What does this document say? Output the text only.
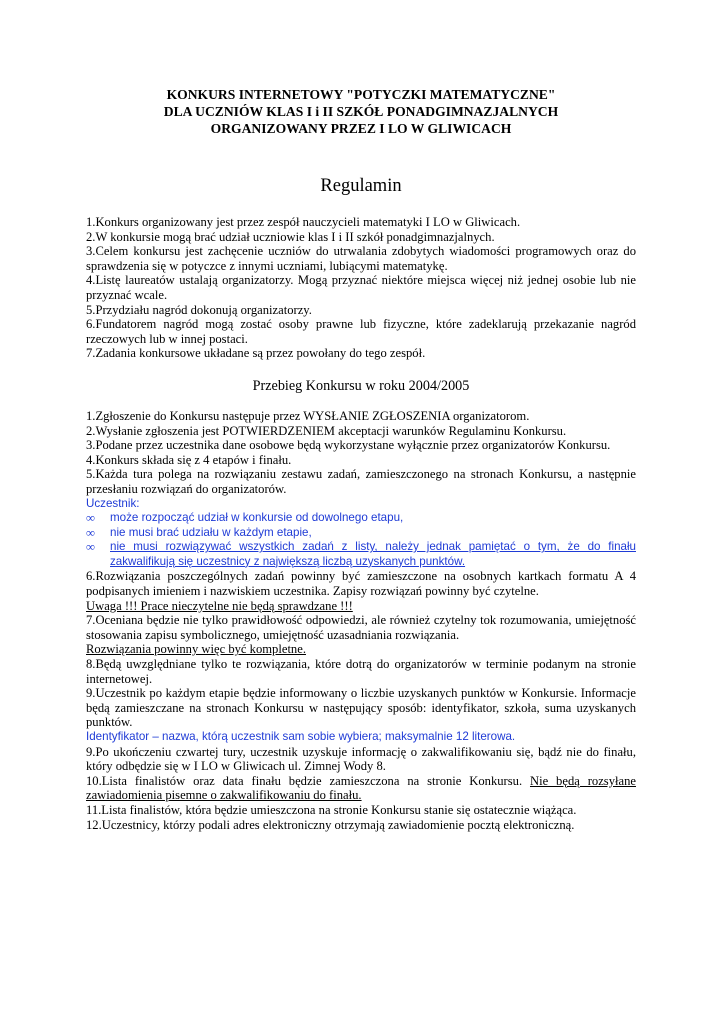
KONKURS INTERNETOWY "POTYCZKI MATEMATYCZNE"
DLA UCZNIÓW KLAS I i II SZKÓŁ PONADGIMNAZJALNYCH
ORGANIZOWANY PRZEZ I LO W GLIWICACH
Regulamin

1.Konkurs organizowany jest przez zespół nauczycieli matematyki I LO w Gliwicach.

2.W konkursie mogą brać udział uczniowie klas I i II szkół ponadgimnazjalnych.

3.Celem konkursu jest zachęcenie uczniów do utrwalania zdobytych wiadomości programowych oraz do sprawdzenia się w potyczce z innymi uczniami, lubiącymi matematykę.

4.Listę laureatów ustalają organizatorzy. Mogą przyznać niektóre miejsca więcej niż jednej osobie lub nie przyznać wcale.

5.Przydziału nagród dokonują organizatorzy.

6.Fundatorem nagród mogą zostać osoby prawne lub fizyczne, które zadeklarują przekazanie nagród rzeczowych lub w innej postaci.

7.Zadania konkursowe układane są przez powołany do tego zespół.

Przebieg Konkursu w roku 2004/2005

1.Zgłoszenie do Konkursu następuje przez WYSŁANIE ZGŁOSZENIA organizatorom.

2.Wysłanie zgłoszenia jest POTWIERDZENIEM akceptacji warunków Regulaminu Konkursu.

3.Podane przez uczestnika dane osobowe będą wykorzystane wyłącznie przez organizatorów Konkursu.

4.Konkurs składa się z 4 etapów i finału.

5.Każda tura polega na rozwiązaniu zestawu zadań, zamieszczonego na stronach Konkursu, a następnie przesłaniu rozwiązań do organizatorów.

Uczestnik:

∞	może rozpocząć udział w konkursie od dowolnego etapu,
∞	nie musi brać udziału w każdym etapie,
∞	nie musi rozwiązywać wszystkich zadań z listy, należy jednak pamiętać o tym, że do finału zakwalifikują się uczestnicy z największą liczbą uzyskanych punktów.

6.Rozwiązania poszczególnych zadań powinny być zamieszczone na osobnych kartkach formatu A 4 podpisanych imieniem i nazwiskiem uczestnika. Zapisy rozwiązań powinny być czytelne.

Uwaga !!! Prace nieczytelne nie będą sprawdzane !!!

7.Oceniana będzie nie tylko prawidłowość odpowiedzi, ale również czytelny tok rozumowania, umiejętność stosowania zapisu symbolicznego, umiejętność uzasadniania rozwiązania.

Rozwiązania powinny więc być kompletne.

8.Będą uwzględniane tylko te rozwiązania, które dotrą do organizatorów w terminie podanym na stronie internetowej.

9.Uczestnik po każdym etapie będzie informowany o liczbie uzyskanych punktów w Konkursie. Informacje będą zamieszczane na stronach Konkursu w następujący sposób: identyfikator, szkoła, suma uzyskanych punktów.

Identyfikator – nazwa, którą uczestnik sam sobie wybiera; maksymalnie 12 literowa.

9.Po ukończeniu czwartej tury, uczestnik uzyskuje informację o zakwalifikowaniu się, bądź nie do finału, który odbędzie się w I LO w Gliwicach ul. Zimnej Wody 8.

10.Lista finalistów oraz data finału będzie zamieszczona na stronie Konkursu. Nie będą rozsyłane zawiadomienia pisemne o zakwalifikowaniu do finału.

11.Lista finalistów, która będzie umieszczona na stronie Konkursu stanie się ostatecznie wiążąca.

12.Uczestnicy, którzy podali adres elektroniczny otrzymają zawiadomienie pocztą elektroniczną.
